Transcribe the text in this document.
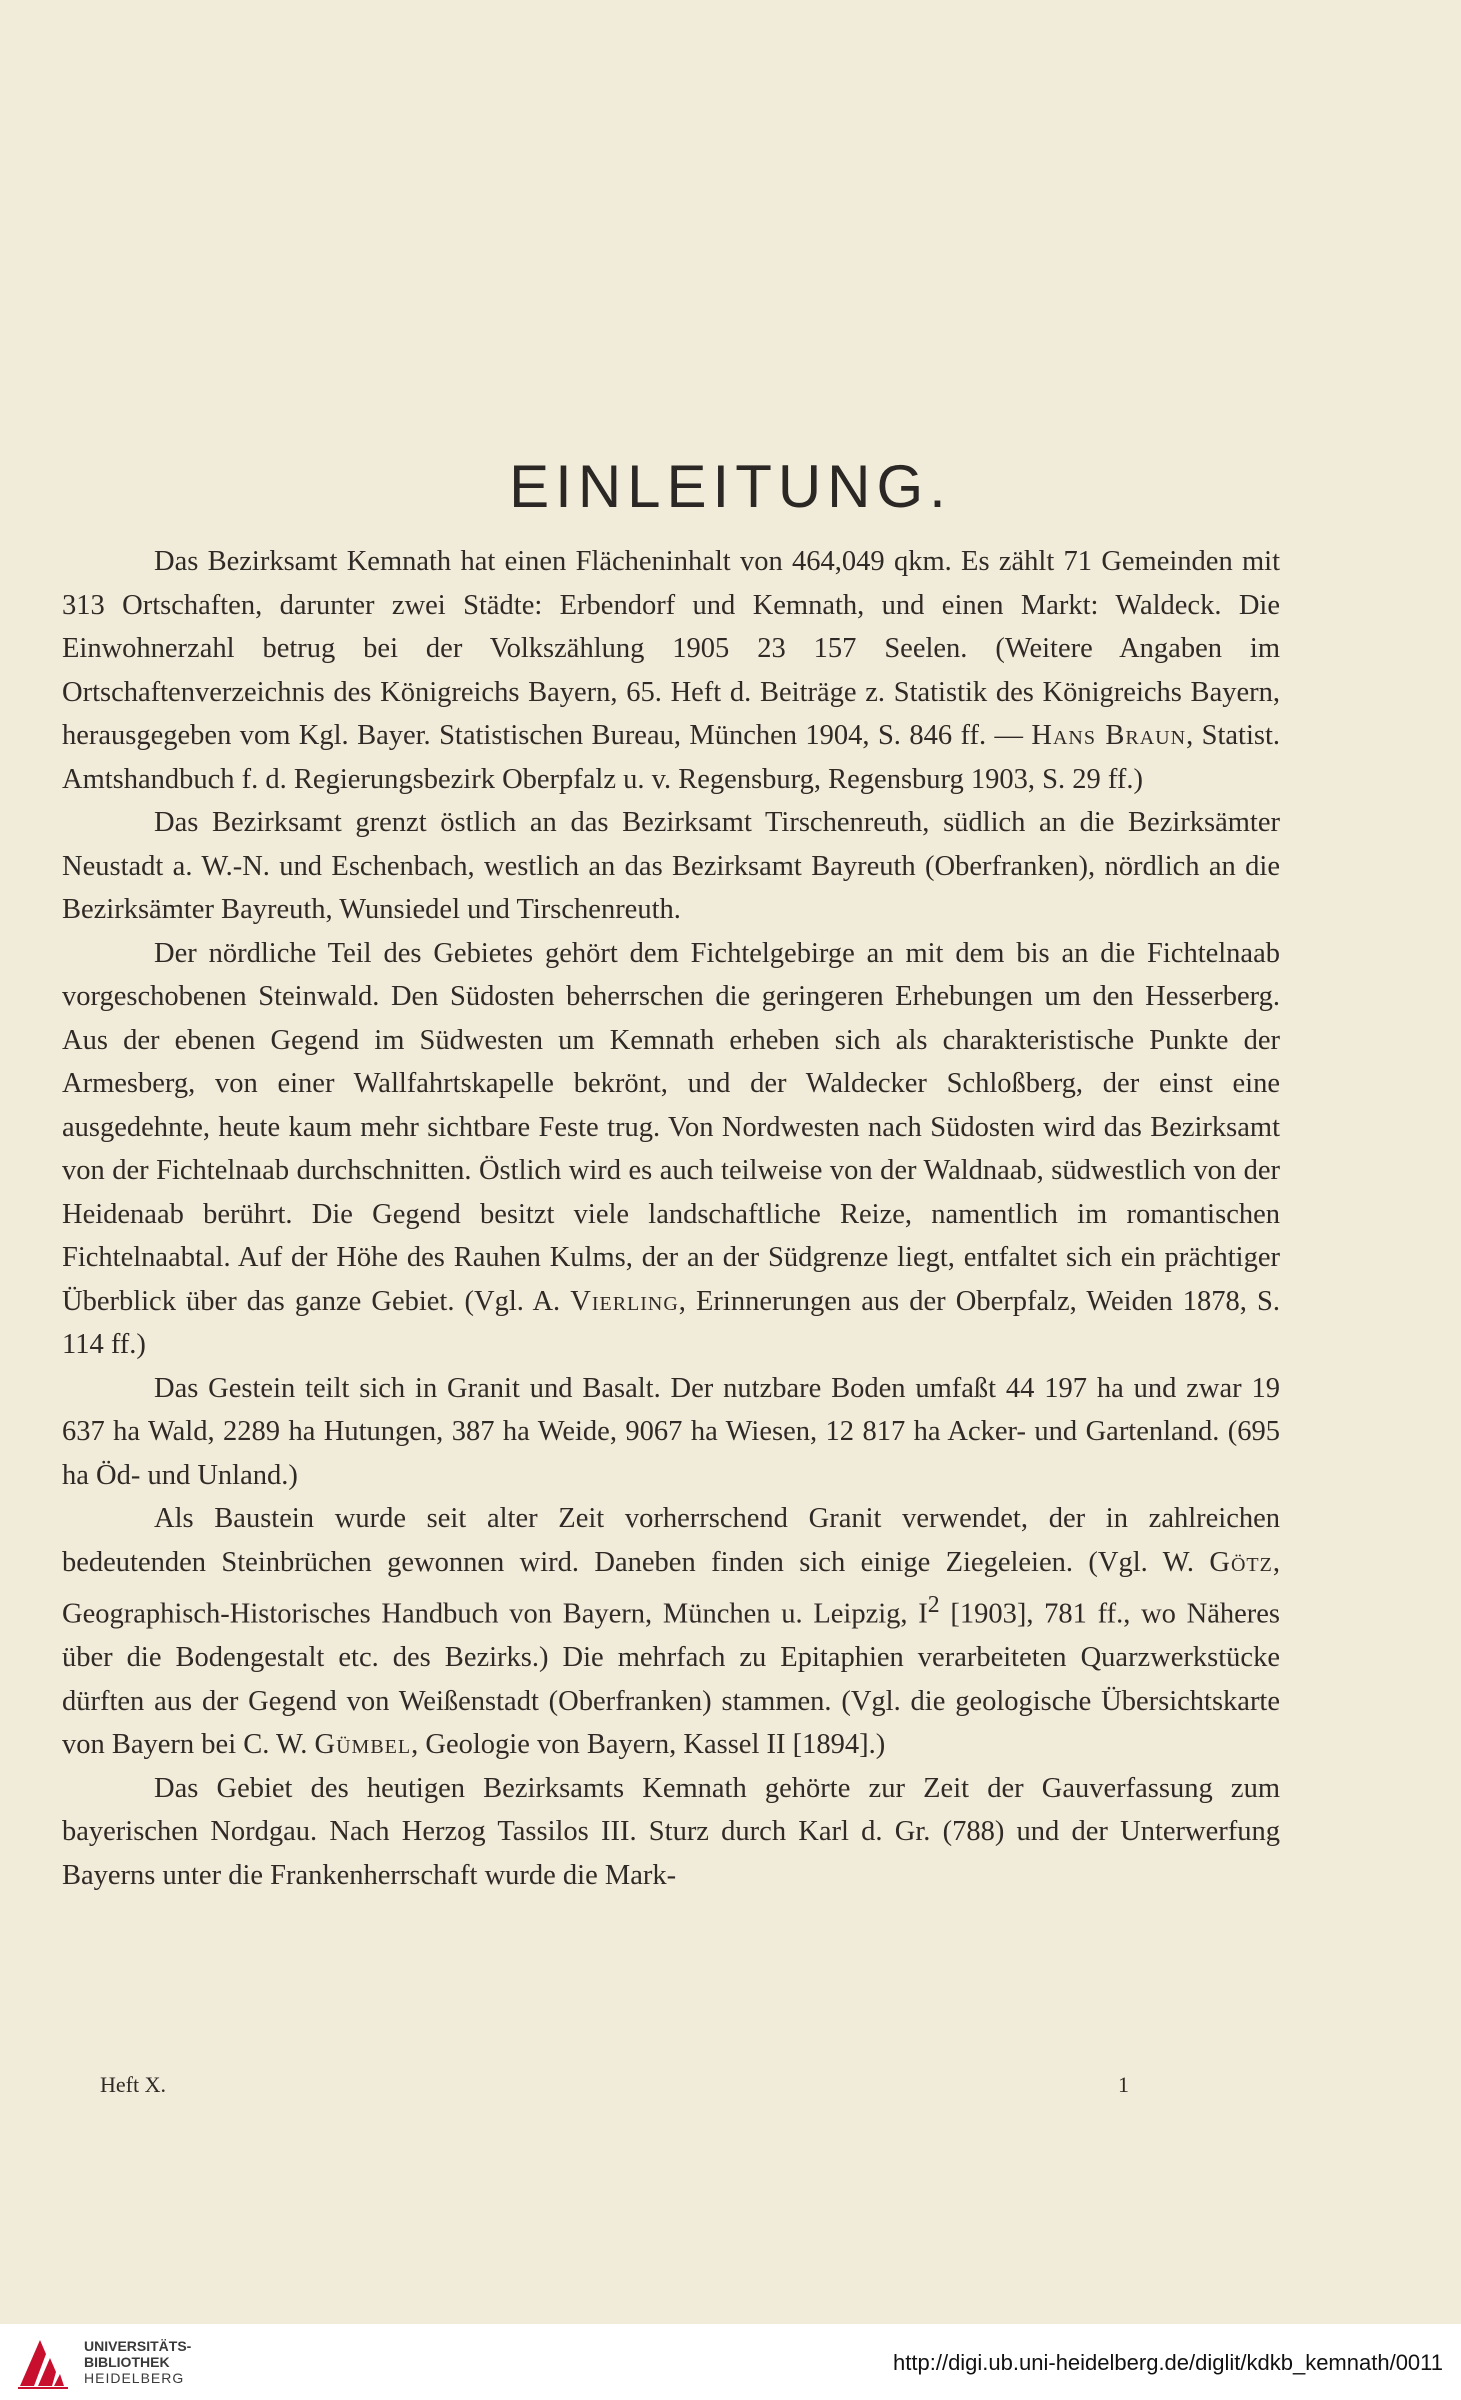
EINLEITUNG.

Das Bezirksamt Kemnath hat einen Flächeninhalt von 464,049 qkm. Es zählt 71 Gemeinden mit 313 Ortschaften, darunter zwei Städte: Erbendorf und Kemnath, und einen Markt: Waldeck. Die Einwohnerzahl betrug bei der Volkszählung 1905 23 157 Seelen. (Weitere Angaben im Ortschaftenverzeichnis des Königreichs Bayern, 65. Heft d. Beiträge z. Statistik des Königreichs Bayern, herausgegeben vom Kgl. Bayer. Statistischen Bureau, München 1904, S. 846 ff. — Hans Braun, Statist. Amtshandbuch f. d. Regierungsbezirk Oberpfalz u. v. Regensburg, Regensburg 1903, S. 29 ff.)

Das Bezirksamt grenzt östlich an das Bezirksamt Tirschenreuth, südlich an die Bezirksämter Neustadt a. W.-N. und Eschenbach, westlich an das Bezirksamt Bayreuth (Oberfranken), nördlich an die Bezirksämter Bayreuth, Wunsiedel und Tirschenreuth.

Der nördliche Teil des Gebietes gehört dem Fichtelgebirge an mit dem bis an die Fichtelnaab vorgeschobenen Steinwald. Den Südosten beherrschen die geringeren Erhebungen um den Hesserberg. Aus der ebenen Gegend im Südwesten um Kemnath erheben sich als charakteristische Punkte der Armesberg, von einer Wallfahrtskapelle bekrönt, und der Waldecker Schloßberg, der einst eine ausgedehnte, heute kaum mehr sichtbare Feste trug. Von Nordwesten nach Südosten wird das Bezirksamt von der Fichtelnaab durchschnitten. Östlich wird es auch teilweise von der Waldnaab, südwestlich von der Heidenaab berührt. Die Gegend besitzt viele landschaftliche Reize, namentlich im romantischen Fichtelnaabtal. Auf der Höhe des Rauhen Kulms, der an der Südgrenze liegt, entfaltet sich ein prächtiger Überblick über das ganze Gebiet. (Vgl. A. Vierling, Erinnerungen aus der Oberpfalz, Weiden 1878, S. 114 ff.)

Das Gestein teilt sich in Granit und Basalt. Der nutzbare Boden umfaßt 44 197 ha und zwar 19 637 ha Wald, 2289 ha Hutungen, 387 ha Weide, 9067 ha Wiesen, 12 817 ha Acker- und Gartenland. (695 ha Öd- und Unland.)

Als Baustein wurde seit alter Zeit vorherrschend Granit verwendet, der in zahlreichen bedeutenden Steinbrüchen gewonnen wird. Daneben finden sich einige Ziegeleien. (Vgl. W. Götz, Geographisch-Historisches Handbuch von Bayern, München u. Leipzig, $I^2$ [1903], 781 ff., wo Näheres über die Bodengestalt etc. des Bezirks.) Die mehrfach zu Epitaphien verarbeiteten Quarzwerkstücke dürften aus der Gegend von Weißenstadt (Oberfranken) stammen. (Vgl. die geologische Übersichtskarte von Bayern bei C. W. Gümbel, Geologie von Bayern, Kassel II [1894].)

Das Gebiet des heutigen Bezirksamts Kemnath gehörte zur Zeit der Gauverfassung zum bayerischen Nordgau. Nach Herzog Tassilos III. Sturz durch Karl d. Gr. (788) und der Unterwerfung Bayerns unter die Frankenherrschaft wurde die Mark-

Heft X.	1
UNIVERSITÄTS-
BIBLIOTHEK
HEIDELBERG
http://digi.ub.uni-heidelberg.de/diglit/kdkb_kemnath/0011
